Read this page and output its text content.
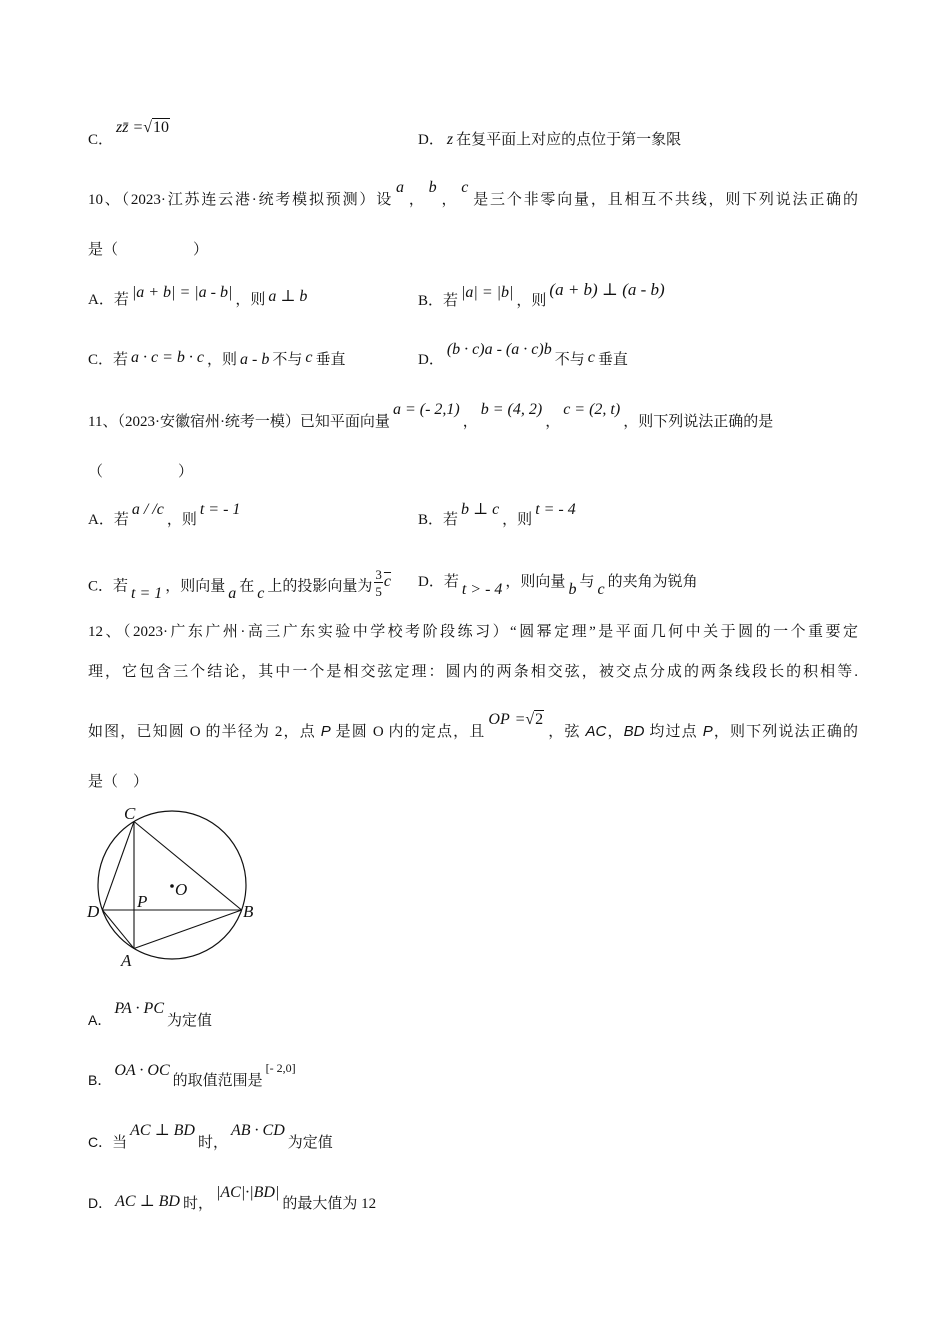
C．zz̄ =√10
D． z 在复平面上对应的点位于第一象限
10、（2023·江苏连云港·统考模拟预测）设a，b，c是三个非零向量，且相互不共线，则下列说法正确的
是（　　　　　）
A．若 |a + b| = |a - b| ，则 a ⊥ b	B．若 |a| = |b| ，则(a + b) ⊥ (a - b)
C．若 a · c = b · c ，则 a - b 不与 c 垂直	D．(b · c)a - (a · c)b不与 c 垂直
11、（2023·安徽宿州·统考一模）已知平面向量a = (- 2,1)，b = (4, 2)，c = (2, t)，则下列说法正确的是
（　　　　　）
A．若a / /c，则t = - 1
B．若b ⊥ c，则t = - 4
C．若 t = 1 ，则向量 a 在 c 上的投影向量为 $\frac{3}{5} \overline{c}$ D．若 t > - 4 ，则向量 b 与 c 的夹角为锐角
12、（2023·广东广州·高三广东实验中学校考阶段练习）“圆幂定理”是平面几何中关于圆的一个重要定
理，它包含三个结论，其中一个是相交弦定理：圆内的两条相交弦，被交点分成的两条线段长的积相等.
如图，已知圆 O 的半径为 2，点 P 是圆 O 内的定点，且OP =√2，弦 AC，BD 均过点 P，则下列说法正确的
是（　）
C
D	B
A
P
O
A．PA · PC为定值
B．OA · OC的取值范围是[- 2,0]
C．当AC ⊥ BD时，AB · CD为定值
D． AC ⊥ BD 时，|AC|·|BD|的最大值为 12
